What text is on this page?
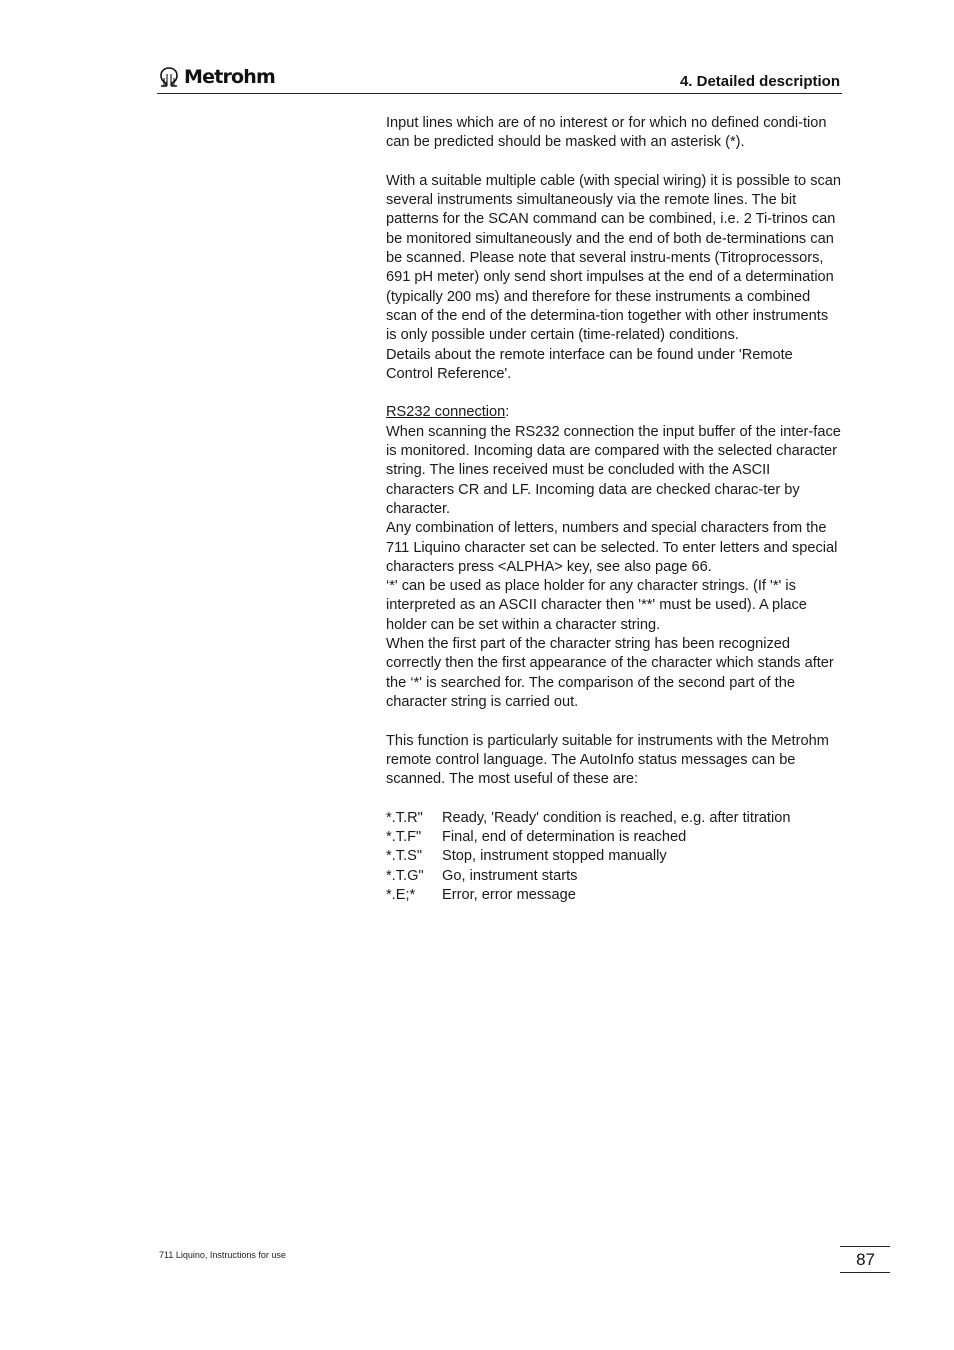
Metrohm	4. Detailed description

Input lines which are of no interest or for which no defined condi-tion can be predicted should be masked with an asterisk (*).

With a suitable multiple cable (with special wiring) it is possible to scan several instruments simultaneously via the remote lines. The bit patterns for the SCAN command can be combined, i.e. 2 Ti-trinos can be monitored simultaneously and the end of both de-terminations can be scanned. Please note that several instru-ments (Titroprocessors, 691 pH meter) only send short impulses at the end of a determination (typically 200 ms) and therefore for these instruments a combined scan of the end of the determina-tion together with other instruments is only possible under certain (time-related) conditions.

Details about the remote interface can be found under 'Remote Control Reference'.

RS232 connection:

When scanning the RS232 connection the input buffer of the inter-face is monitored. Incoming data are compared with the selected character string. The lines received must be concluded with the ASCII characters CR and LF. Incoming data are checked charac-ter by character.

Any combination of letters, numbers and special characters from the 711 Liquino character set can be selected. To enter letters and special characters press <ALPHA> key, see also page 66.

‘*' can be used as place holder for any character strings. (If '*' is interpreted as an ASCII character then '**' must be used). A place holder can be set within a character string.

When the first part of the character string has been recognized correctly then the first appearance of the character which stands after the ‘*' is searched for. The comparison of the second part of the character string is carried out.

This function is particularly suitable for instruments with the Metrohm remote control language. The AutoInfo status messages can be scanned. The most useful of these are:

*.T.R"	Ready, 'Ready' condition is reached, e.g. after titration
*.T.F"	Final, end of determination is reached
*.T.S"	Stop, instrument stopped manually
*.T.G"	Go, instrument starts
*.E;*	Error, error message
711 Liquino, Instructions for use	87
